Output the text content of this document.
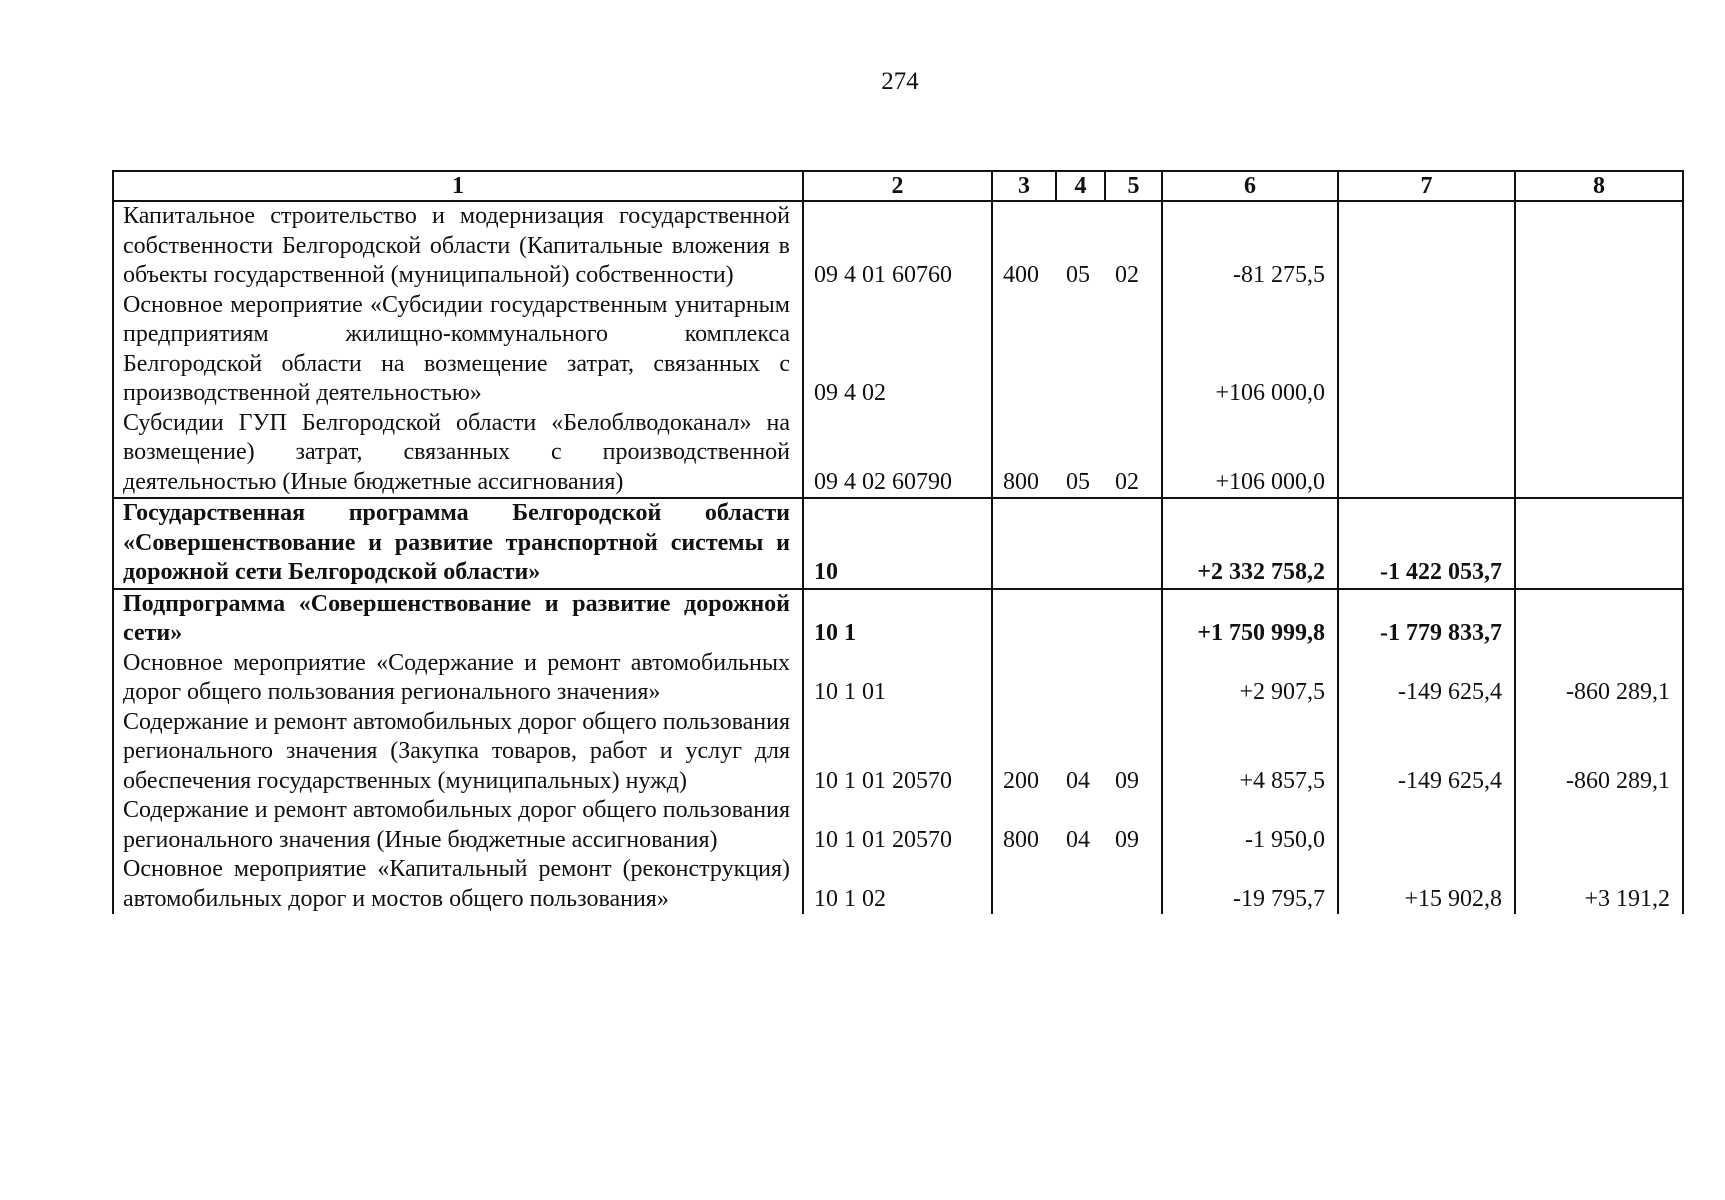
274
1	2	3	4	5	6	7	8
Капитальное строительство и модернизация государственной собственности Белгородской области (Капитальные вложения в объекты государственной (муниципальной) собственности)	09 4 01 60760	400	05	02	-81 275,5		
Основное мероприятие «Субсидии государственным унитарным предприятиям жилищно-коммунального комплекса Белгородской области на возмещение затрат, связанных с производственной деятельностью»	09 4 02				+106 000,0		
Субсидии ГУП Белгородской области «Белоблводоканал» на возмещение) затрат, связанных с производственной деятельностью (Иные бюджетные ассигнования)	09 4 02 60790	800	05	02	+106 000,0		
Государственная программа Белгородской области «Совершенствование и развитие транспортной системы и дорожной сети Белгородской области»	10				+2 332 758,2	-1 422 053,7	
Подпрограмма «Совершенствование и развитие дорожной сети»	10 1				+1 750 999,8	-1 779 833,7	
Основное мероприятие «Содержание и ремонт автомобильных дорог общего пользования регионального значения»	10 1 01				+2 907,5	-149 625,4	-860 289,1
Содержание и ремонт автомобильных дорог общего пользования регионального значения (Закупка товаров, работ и услуг для обеспечения государственных (муниципальных) нужд)	10 1 01 20570	200	04	09	+4 857,5	-149 625,4	-860 289,1
Содержание и ремонт автомобильных дорог общего пользования регионального значения (Иные бюджетные ассигнования)	10 1 01 20570	800	04	09	-1 950,0		
Основное мероприятие «Капитальный ремонт (реконструкция) автомобильных дорог и мостов общего пользования»	10 1 02				-19 795,7	+15 902,8	+3 191,2
